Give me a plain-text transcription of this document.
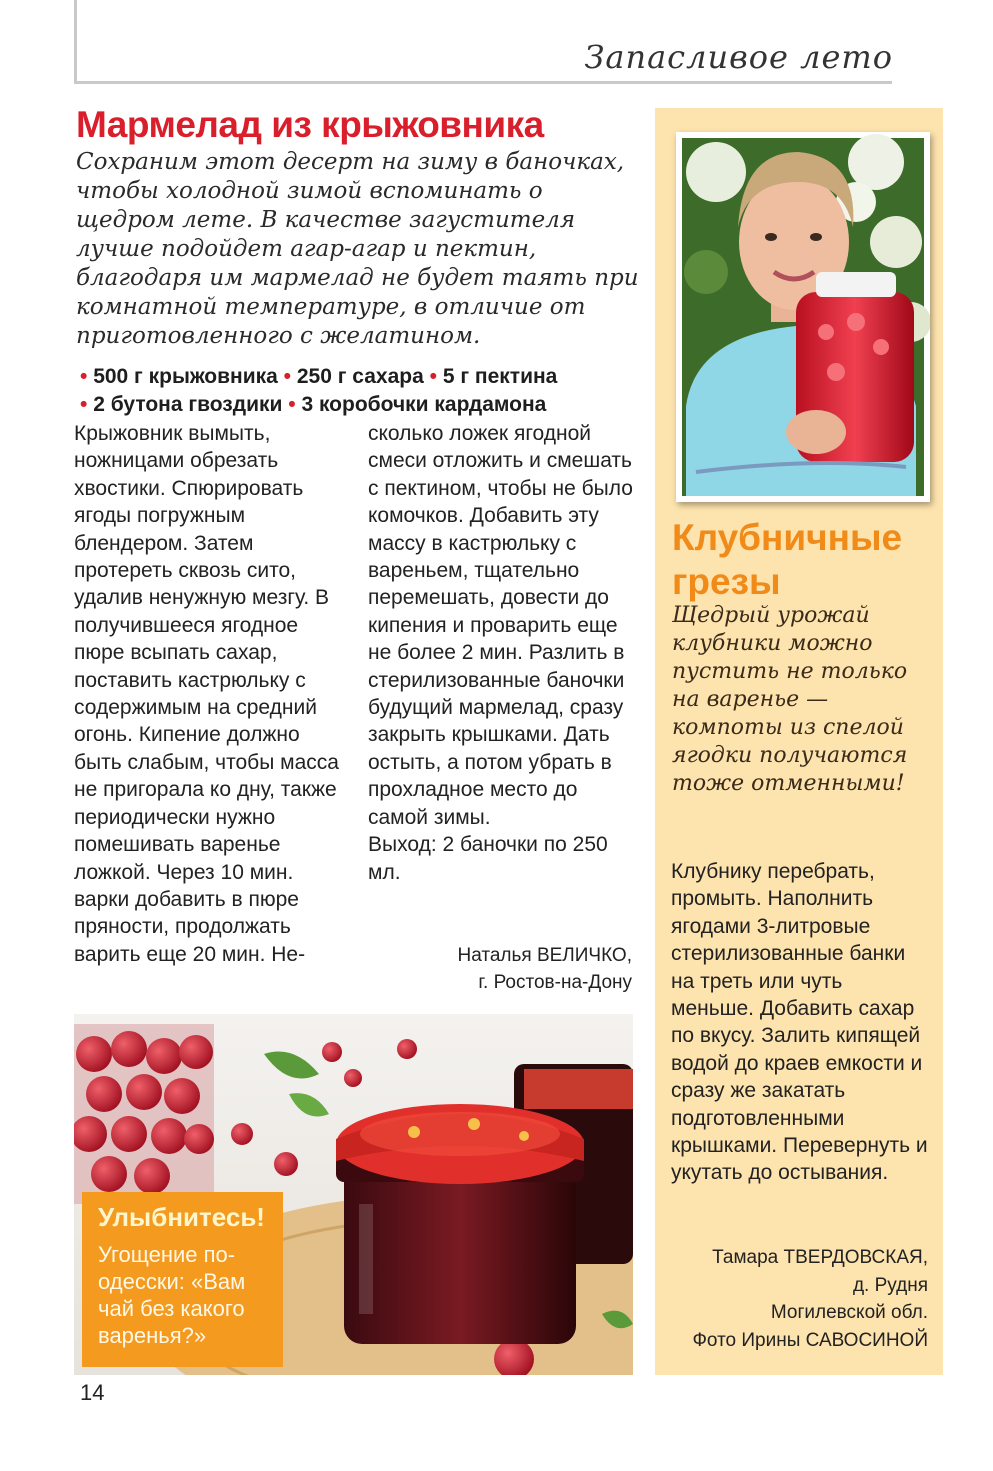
Запасливое лето
Мармелад из крыжовника

Сохраним этот десерт на зиму в баночках, чтобы холодной зимой вспоминать о щедром лете. В качестве загустителя лучше подойдет агар-агар и пектин, благодаря им мармелад не будет таять при комнатной температуре, в отличие от приготовленного с желатином.

• 500 г крыжовника • 250 г сахара • 5 г пектина
• 2 бутона гвоздики • 3 коробочки кардамона

Крыжовник вымыть, ножницами обрезать хвостики. Спюрировать ягоды погружным блендером. Затем протереть сквозь сито, удалив ненужную мезгу. В получившееся ягодное пюре всыпать сахар, поставить кастрюльку с содержимым на средний огонь. Кипение должно быть слабым, чтобы масса не пригорала ко дну, также периодически нужно помешивать варенье ложкой. Через 10 мин. варки добавить в пюре пряности, продолжать варить еще 20 мин. Не-

сколько ложек ягодной смеси отложить и смешать с пектином, чтобы не было комочков. Добавить эту массу в кастрюльку с вареньем, тщательно перемешать, довести до кипения и проварить еще не более 2 мин. Разлить в стерилизованные баночки будущий мармелад, сразу закрыть крышками. Дать остыть, а потом убрать в прохладное место до самой зимы.
Выход: 2 баночки по 250 мл.
Наталья ВЕЛИЧКО,
г. Ростов-на-Дону
Улыбнитесь!
Угощение по-одесски: «Вам чай без какого варенья?»
14
Клубничные
грезы

Щедрый урожай клубники можно пустить не только на варенье — компоты из спелой ягодки получаются тоже отменными!

Клубнику перебрать, промыть. Наполнить ягодами 3-литровые стерилизованные банки на треть или чуть меньше. Добавить сахар по вкусу. Залить кипящей водой до краев емкости и сразу же закатать подготовленными крышками. Перевернуть и укутать до остывания.

Тамара ТВЕРДОВСКАЯ,
д. Рудня
Могилевской обл.
Фото Ирины САВОСИНОЙ
